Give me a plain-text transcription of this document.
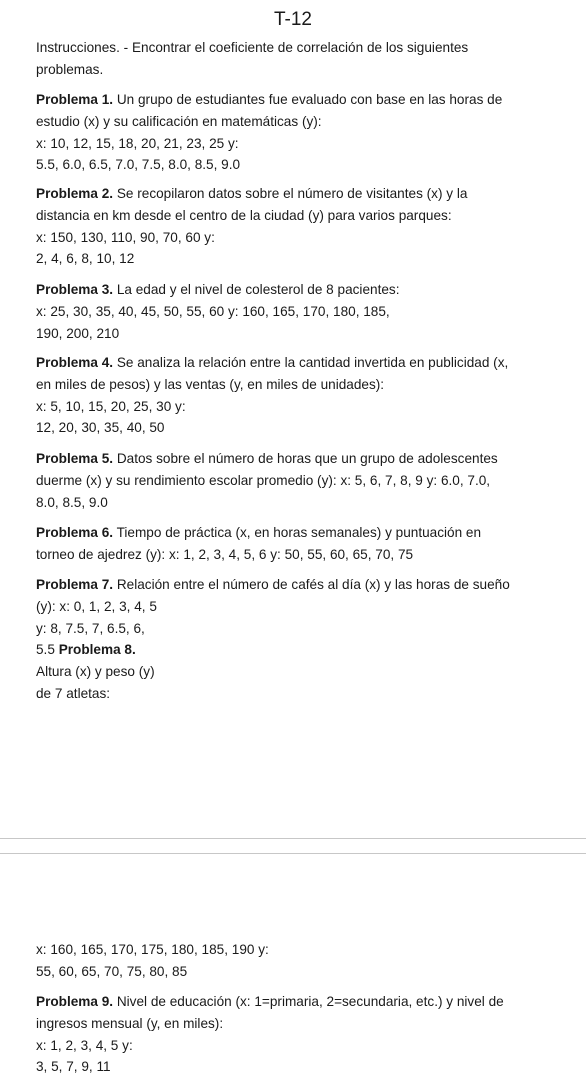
T-12
Instrucciones. - Encontrar el coeficiente de correlación de los siguientes
problemas.
Problema 1. Un grupo de estudiantes fue evaluado con base en las horas de
estudio (x) y su calificación en matemáticas (y):
x: 10, 12, 15, 18, 20, 21, 23, 25 y:
5.5, 6.0, 6.5, 7.0, 7.5, 8.0, 8.5, 9.0
Problema 2. Se recopilaron datos sobre el número de visitantes (x) y la
distancia en km desde el centro de la ciudad (y) para varios parques:
x: 150, 130, 110, 90, 70, 60 y:
2, 4, 6, 8, 10, 12
Problema 3. La edad y el nivel de colesterol de 8 pacientes:
x: 25, 30, 35, 40, 45, 50, 55, 60 y: 160, 165, 170, 180, 185,
190, 200, 210
Problema 4. Se analiza la relación entre la cantidad invertida en publicidad (x,
en miles de pesos) y las ventas (y, en miles de unidades):
x: 5, 10, 15, 20, 25, 30 y:
12, 20, 30, 35, 40, 50
Problema 5. Datos sobre el número de horas que un grupo de adolescentes
duerme (x) y su rendimiento escolar promedio (y): x: 5, 6, 7, 8, 9 y: 6.0, 7.0,
8.0, 8.5, 9.0
Problema 6. Tiempo de práctica (x, en horas semanales) y puntuación en
torneo de ajedrez (y): x: 1, 2, 3, 4, 5, 6 y: 50, 55, 60, 65, 70, 75
Problema 7. Relación entre el número de cafés al día (x) y las horas de sueño
(y): x: 0, 1, 2, 3, 4, 5
y: 8, 7.5, 7, 6.5, 6,
5.5 Problema 8.
Altura (x) y peso (y)
de 7 atletas:
x: 160, 165, 170, 175, 180, 185, 190 y:
55, 60, 65, 70, 75, 80, 85
Problema 9. Nivel de educación (x: 1=primaria, 2=secundaria, etc.) y nivel de
ingresos mensual (y, en miles):
x: 1, 2, 3, 4, 5 y:
3, 5, 7, 9, 11
